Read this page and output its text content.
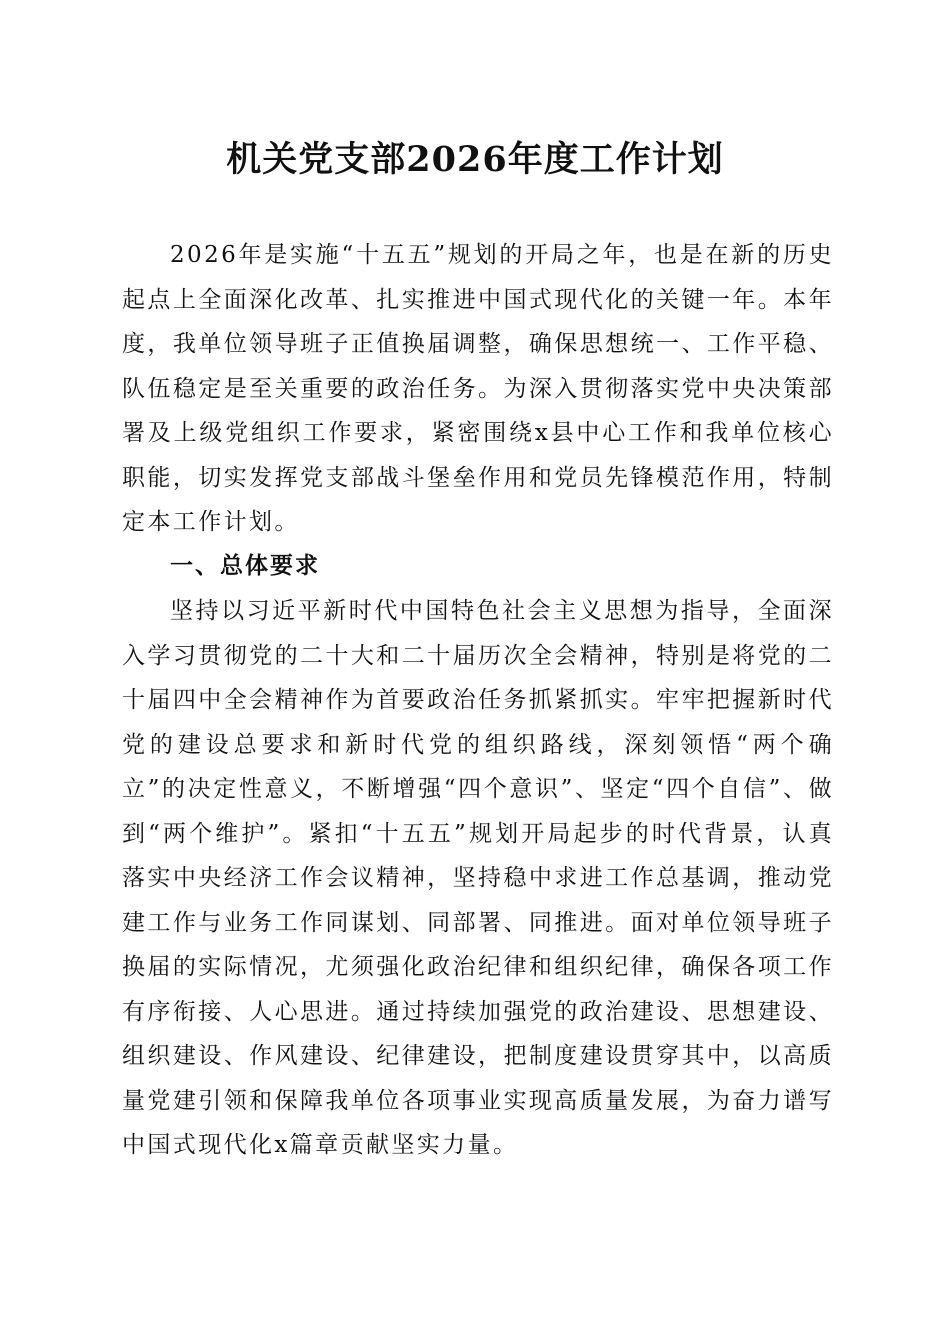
机关党支部2026年度工作计划

2026年是实施“十五五”规划的开局之年，也是在新的历史起点上全面深化改革、扎实推进中国式现代化的关键一年。本年度，我单位领导班子正值换届调整，确保思想统一、工作平稳、队伍稳定是至关重要的政治任务。为深入贯彻落实党中央决策部署及上级党组织工作要求，紧密围绕x县中心工作和我单位核心职能，切实发挥党支部战斗堡垒作用和党员先锋模范作用，特制定本工作计划。

一、总体要求

坚持以习近平新时代中国特色社会主义思想为指导，全面深入学习贯彻党的二十大和二十届历次全会精神，特别是将党的二十届四中全会精神作为首要政治任务抓紧抓实。牢牢把握新时代党的建设总要求和新时代党的组织路线，深刻领悟“两个确立”的决定性意义，不断增强“四个意识”、坚定“四个自信”、做到“两个维护”。紧扣“十五五”规划开局起步的时代背景，认真落实中央经济工作会议精神，坚持稳中求进工作总基调，推动党建工作与业务工作同谋划、同部署、同推进。面对单位领导班子换届的实际情况，尤须强化政治纪律和组织纪律，确保各项工作有序衔接、人心思进。通过持续加强党的政治建设、思想建设、组织建设、作风建设、纪律建设，把制度建设贯穿其中，以高质量党建引领和保障我单位各项事业实现高质量发展，为奋力谱写中国式现代化x篇章贡献坚实力量。
